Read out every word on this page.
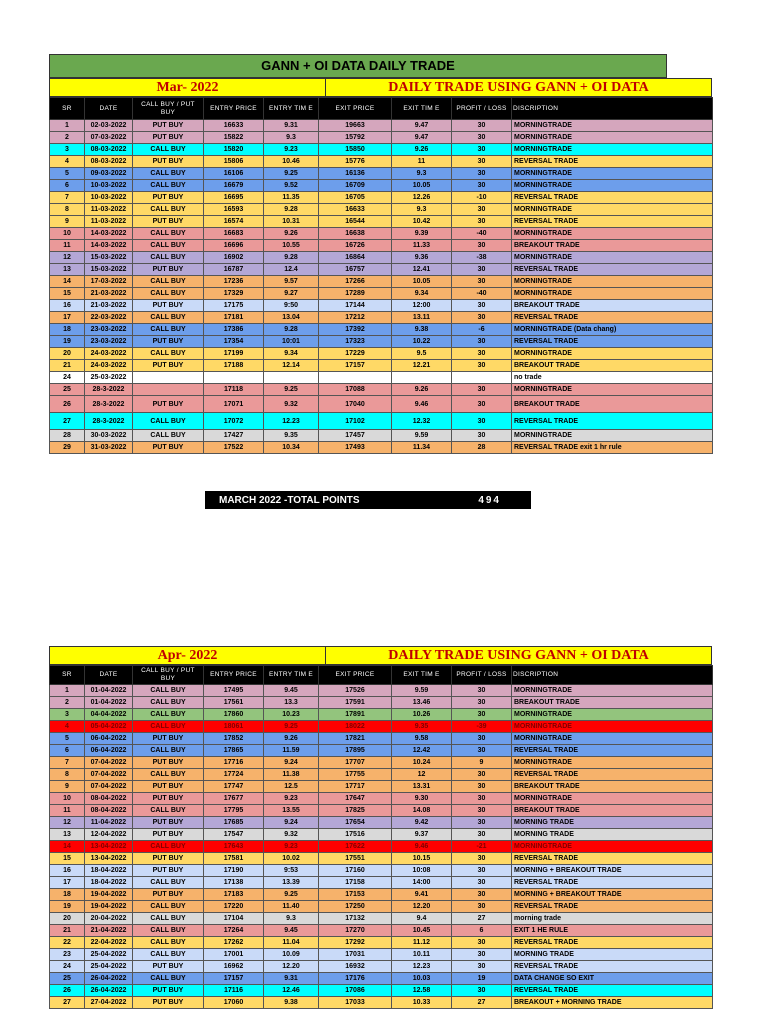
GANN + OI DATA DAILY TRADE
Mar- 2022	DAILY TRADE USING GANN + OI DATA
SR	DATE	CALL BUY / PUT BUY	ENTRY PRICE	ENTRY TIM E	EXIT PRICE	EXIT TIM E	PROFIT / LOSS	DISCRIPTION
1	02-03-2022	PUT BUY	16633	9.31	19663	9.47	30	MORNINGTRADE
2	07-03-2022	PUT BUY	15822	9.3	15792	9.47	30	MORNINGTRADE
3	08-03-2022	CALL BUY	15820	9.23	15850	9.26	30	MORNINGTRADE
4	08-03-2022	PUT BUY	15806	10.46	15776	11	30	REVERSAL TRADE
5	09-03-2022	CALL BUY	16106	9.25	16136	9.3	30	MORNINGTRADE
6	10-03-2022	CALL BUY	16679	9.52	16709	10.05	30	MORNINGTRADE
7	10-03-2022	PUT BUY	16695	11.35	16705	12.26	-10	REVERSAL TRADE
8	11-03-2022	CALL BUY	16593	9.28	16633	9.3	30	MORNINGTRADE
9	11-03-2022	PUT BUY	16574	10.31	16544	10.42	30	REVERSAL TRADE
10	14-03-2022	CALL BUY	16683	9.26	16638	9.39	-40	MORNINGTRADE
11	14-03-2022	CALL BUY	16696	10.55	16726	11.33	30	BREAKOUT TRADE
12	15-03-2022	CALL BUY	16902	9.28	16864	9.36	-38	MORNINGTRADE
13	15-03-2022	PUT BUY	16787	12.4	16757	12.41	30	REVERSAL TRADE
14	17-03-2022	CALL BUY	17236	9.57	17266	10.05	30	MORNINGTRADE
15	21-03-2022	CALL BUY	17329	9.27	17289	9.34	-40	MORNINGTRADE
16	21-03-2022	PUT BUY	17175	9:50	17144	12:00	30	BREAKOUT TRADE
17	22-03-2022	CALL BUY	17181	13.04	17212	13.11	30	REVERSAL TRADE
18	23-03-2022	CALL BUY	17386	9.28	17392	9.38	-6	MORNINGTRADE (Data chang)
19	23-03-2022	PUT BUY	17354	10:01	17323	10.22	30	REVERSAL TRADE
20	24-03-2022	CALL BUY	17199	9.34	17229	9.5	30	MORNINGTRADE
21	24-03-2022	PUT BUY	17188	12.14	17157	12.21	30	BREAKOUT TRADE
24	25-03-2022							no trade
25	28-3-2022		17118	9.25	17088	9.26	30	MORNINGTRADE
26	28-3-2022	PUT BUY	17071	9.32	17040	9.46	30	BREAKOUT TRADE
27	28-3-2022	CALL BUY	17072	12.23	17102	12.32	30	REVERSAL TRADE
28	30-03-2022	CALL BUY	17427	9.35	17457	9.59	30	MORNINGTRADE
29	31-03-2022	PUT BUY	17522	10.34	17493	11.34	28	REVERSAL TRADE exit 1 hr rule
MARCH 2022 -TOTAL POINTS	494
Apr- 2022	DAILY TRADE USING GANN + OI DATA
SR	DATE	CALL BUY / PUT BUY	ENTRY PRICE	ENTRY TIM E	EXIT PRICE	EXIT TIM E	PROFIT / LOSS	DISCRIPTION
1	01-04-2022	CALL BUY	17495	9.45	17526	9.59	30	MORNINGTRADE
2	01-04-2022	CALL BUY	17561	13.3	17591	13.46	30	BREAKOUT TRADE
3	04-04-2022	CALL BUY	17860	10.23	17891	10.26	30	MORNINGTRADE
4	05-04-2022	CALL BUY	18061	9.25	18022	9.35	-39	MORNINGTRADE
5	06-04-2022	PUT BUY	17852	9.26	17821	9.58	30	MORNINGTRADE
6	06-04-2022	CALL BUY	17865	11.59	17895	12.42	30	REVERSAL TRADE
7	07-04-2022	PUT BUY	17716	9.24	17707	10.24	9	MORNINGTRADE
8	07-04-2022	CALL BUY	17724	11.38	17755	12	30	REVERSAL TRADE
9	07-04-2022	PUT BUY	17747	12.5	17717	13.31	30	BREAKOUT TRADE
10	08-04-2022	PUT BUY	17677	9.23	17647	9.30	30	MORNINGTRADE
11	08-04-2022	CALL BUY	17795	13.55	17825	14.08	30	BREAKOUT TRADE
12	11-04-2022	PUT BUY	17685	9.24	17654	9.42	30	MORNING TRADE
13	12-04-2022	PUT BUY	17547	9.32	17516	9.37	30	MORNING TRADE
14	13-04-2022	CALL BUY	17643	9.23	17622	9.46	-21	MORNINGTRADE
15	13-04-2022	PUT BUY	17581	10.02	17551	10.15	30	REVERSAL TRADE
16	18-04-2022	PUT BUY	17190	9:53	17160	10:08	30	MORNING + BREAKOUT TRADE
17	18-04-2022	CALL BUY	17138	13.39	17158	14:00	30	REVERSAL TRADE
18	19-04-2022	PUT BUY	17183	9.25	17153	9.41	30	MORNING + BREAKOUT TRADE
19	19-04-2022	CALL BUY	17220	11.40	17250	12.20	30	REVERSAL TRADE
20	20-04-2022	CALL BUY	17104	9.3	17132	9.4	27	morning trade
21	21-04-2022	CALL BUY	17264	9.45	17270	10.45	6	EXIT 1 HE RULE
22	22-04-2022	CALL BUY	17262	11.04	17292	11.12	30	REVERSAL TRADE
23	25-04-2022	CALL BUY	17001	10.09	17031	10.11	30	MORNING TRADE
24	25-04-2022	PUT BUY	16962	12.20	16932	12.23	30	REVERSAL TRADE
25	26-04-2022	CALL BUY	17157	9.31	17176	10.03	19	DATA CHANGE SO EXIT
26	26-04-2022	PUT BUY	17116	12.46	17086	12.58	30	REVERSAL TRADE
27	27-04-2022	PUT BUY	17060	9.38	17033	10.33	27	BREAKOUT + MORNING TRADE
